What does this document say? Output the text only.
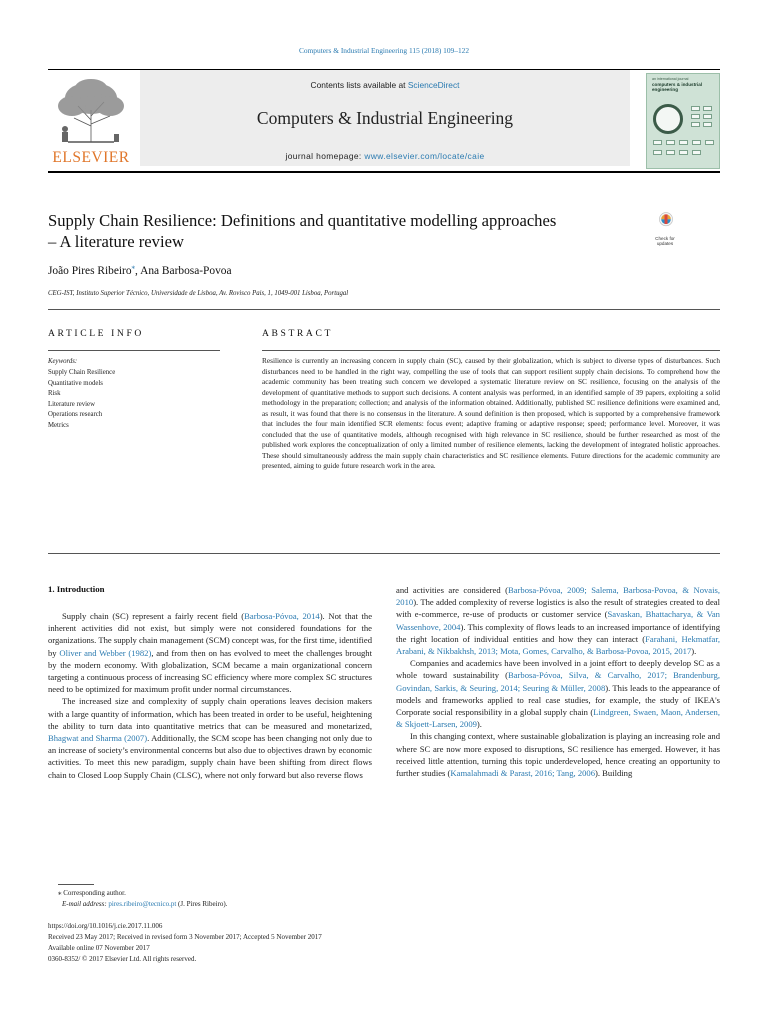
Computers & Industrial Engineering 115 (2018) 109–122
ELSEVIER
Contents lists available at ScienceDirect
Computers & Industrial Engineering
journal homepage: www.elsevier.com/locate/caie
an international journal
computers & industrial engineering
Supply Chain Resilience: Definitions and quantitative modelling approaches
– A literature review	Check for
updates
João Pires Ribeiro⁎, Ana Barbosa-Povoa
CEG-IST, Instituto Superior Técnico, Universidade de Lisboa, Av. Rovisco Pais, 1, 1049-001 Lisboa, Portugal
ARTICLE INFO	ABSTRACT
Keywords:
Supply Chain Resilience
Quantitative models
Risk
Literature review
Operations research
Metrics
Resilience is currently an increasing concern in supply chain (SC), caused by their globalization, which is subject to diverse types of disturbances. Such disturbances need to be handled in the right way, compelling the use of tools that can support resilient supply chain decisions. To comprehend how the academic community has been treating such concern we developed a systematic literature review on SC resilience, focusing on the analysis of the development of quantitative methods to support such decisions. A content analysis was performed, in an identified sample of 39 papers, exploiting a solid methodology in the preparation; collection; and analysis of the information obtained. Additionally, published SC resilience definitions were examined and, as result, it was found that there is no consensus in the literature. A sound definition is then proposed, which is supported by a comprehensive framework that includes the four main identified SCR elements: focus event; adaptive framing or adaptive response; speed; performance level. Moreover, it was concluded that the use of quantitative models, although recognised with high relevance in SC resilience, should be further researched as most of the published work explores the conceptualization of only a limited number of resilience elements, lacking the development of integrated holistic approaches. These should simultaneously address the main supply chain characteristics and SC resilience elements. Future directions for the academic community are presented, aiming to guide future research work in the area.
1. Introduction

Supply chain (SC) represent a fairly recent field (Barbosa-Póvoa, 2014). Not that the inherent activities did not exist, but simply were not considered foundations for the organizations. The supply chain management (SCM) concept was, for the first time, identified by Oliver and Webber (1982), and from then on has evolved to meet the challenges brought by the modern economy. With globalization, SCM became a main organizational concern targeting a continuous process of increasing SC efficiency where more complex SC structures need to be optimized for maximum profit under normal circumstances.

The increased size and complexity of supply chain operations leaves decision makers with a large quantity of information, which has been treated in order to be useful, heightening the ability to turn data into quantitative metrics that can be measured and monetarized, Bhagwat and Sharma (2007). Additionally, the SCM scope has been changing not only due to an increase of society’s environmental concerns but also due to objectives drawn by economic activities. To meet this new paradigm, supply chain have been shifting from direct flows chain to Closed Loop Supply Chain (CLSC), where not only forward but also reverse flows

and activities are considered (Barbosa-Póvoa, 2009; Salema, Barbosa-Povoa, & Novais, 2010). The added complexity of reverse logistics is also the result of strategies created to deal with e-commerce, re-use of products or customer service (Savaskan, Bhattacharya, & Van Wassenhove, 2004). This complexity of flows leads to an increased importance of identifying the right location of individual entities and how they can interact (Farahani, Hekmatfar, Arabani, & Nikbakhsh, 2013; Mota, Gomes, Carvalho, & Barbosa-Povoa, 2015, 2017).

Companies and academics have been involved in a joint effort to deeply develop SC as a whole toward sustainability (Barbosa-Póvoa, Silva, & Carvalho, 2017; Brandenburg, Govindan, Sarkis, & Seuring, 2014; Seuring & Müller, 2008). This leads to the appearance of models and frameworks applied to real case studies, for example, the study of IKEA's Corporate social responsibility in a global supply chain (Lindgreen, Swaen, Maon, Andersen, & Skjoett-Larsen, 2009).

In this changing context, where sustainable globalization is playing an increasing role and where SC are now more exposed to disruptions, SC resilience has emerged. However, it has received little attention, turning this topic underdeveloped, hence creating an opportunity to further studies (Kamalahmadi & Parast, 2016; Tang, 2006). Building

⁎ Corresponding author.
E-mail address: pires.ribeiro@tecnico.pt (J. Pires Ribeiro).
https://doi.org/10.1016/j.cie.2017.11.006
Received 23 May 2017; Received in revised form 3 November 2017; Accepted 5 November 2017
Available online 07 November 2017
0360-8352/ © 2017 Elsevier Ltd. All rights reserved.
